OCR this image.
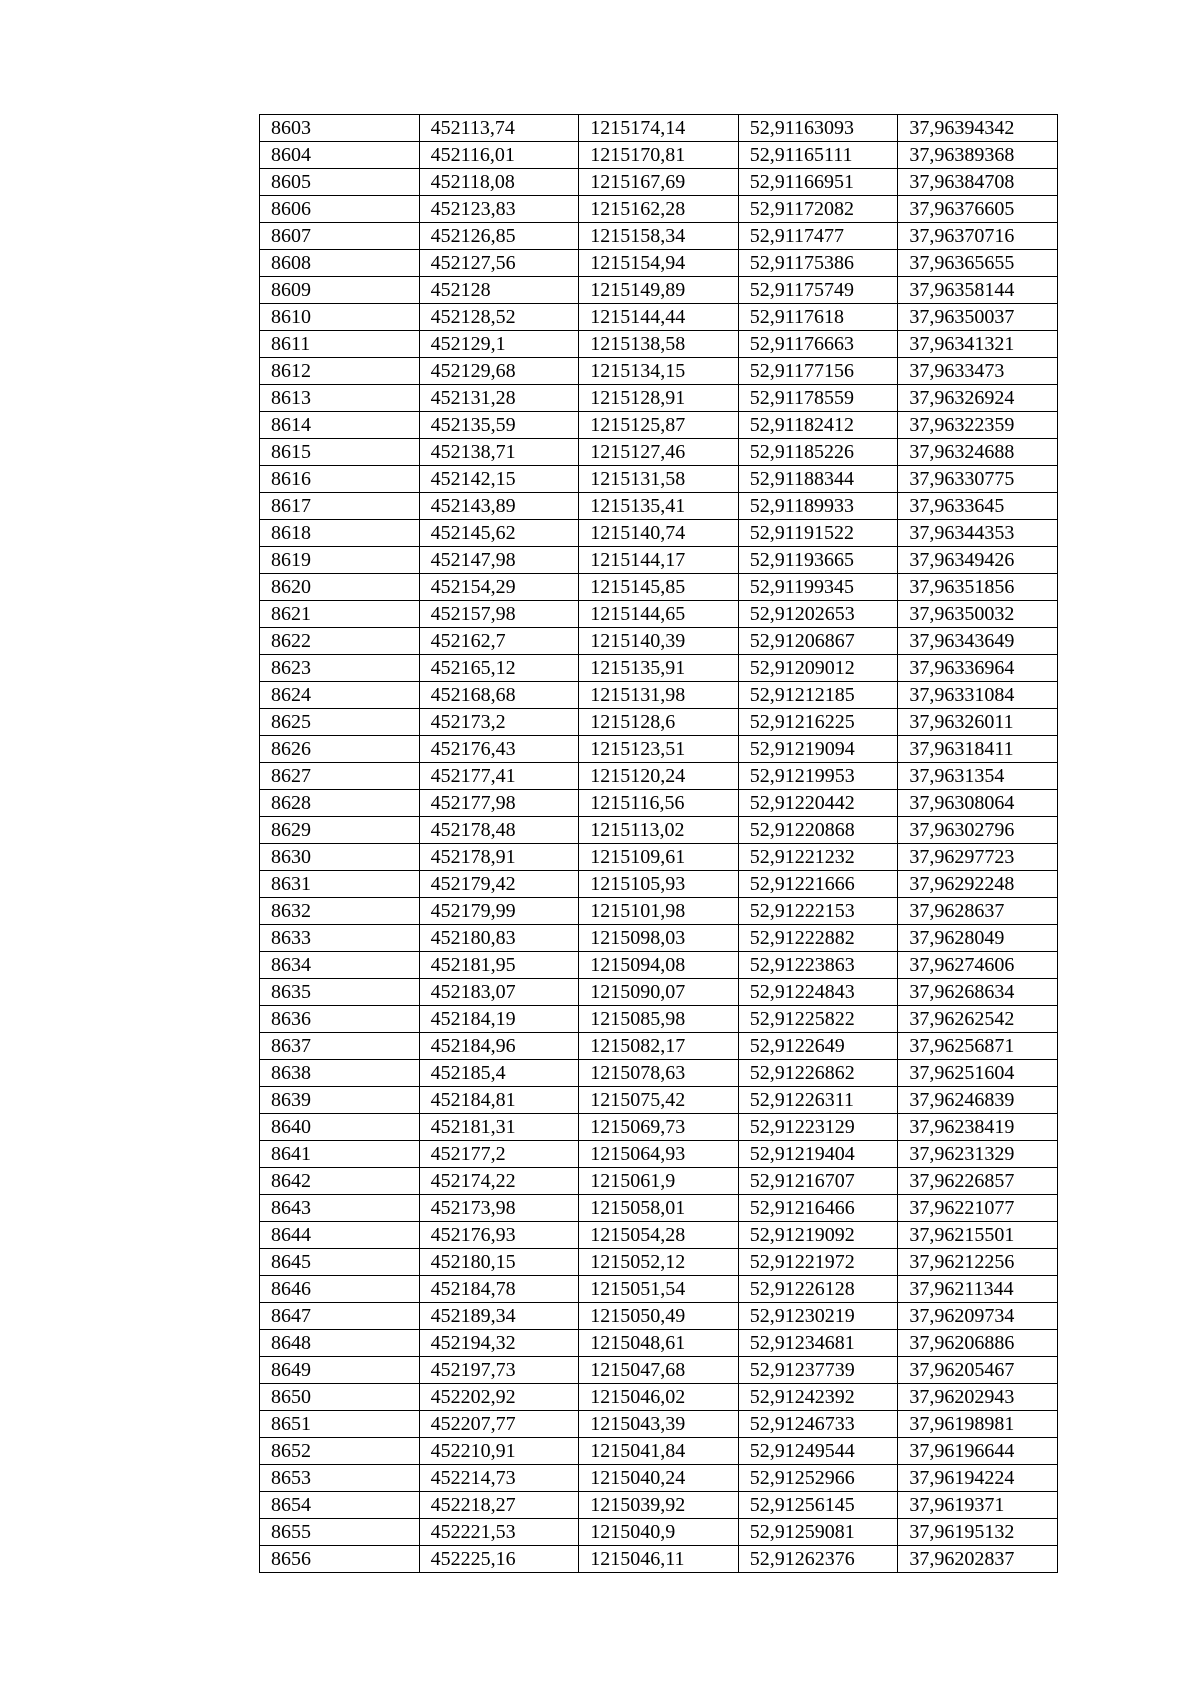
8603	452113,74	1215174,14	52,91163093	37,96394342
8604	452116,01	1215170,81	52,91165111	37,96389368
8605	452118,08	1215167,69	52,91166951	37,96384708
8606	452123,83	1215162,28	52,91172082	37,96376605
8607	452126,85	1215158,34	52,9117477	37,96370716
8608	452127,56	1215154,94	52,91175386	37,96365655
8609	452128	1215149,89	52,91175749	37,96358144
8610	452128,52	1215144,44	52,9117618	37,96350037
8611	452129,1	1215138,58	52,91176663	37,96341321
8612	452129,68	1215134,15	52,91177156	37,9633473
8613	452131,28	1215128,91	52,91178559	37,96326924
8614	452135,59	1215125,87	52,91182412	37,96322359
8615	452138,71	1215127,46	52,91185226	37,96324688
8616	452142,15	1215131,58	52,91188344	37,96330775
8617	452143,89	1215135,41	52,91189933	37,9633645
8618	452145,62	1215140,74	52,91191522	37,96344353
8619	452147,98	1215144,17	52,91193665	37,96349426
8620	452154,29	1215145,85	52,91199345	37,96351856
8621	452157,98	1215144,65	52,91202653	37,96350032
8622	452162,7	1215140,39	52,91206867	37,96343649
8623	452165,12	1215135,91	52,91209012	37,96336964
8624	452168,68	1215131,98	52,91212185	37,96331084
8625	452173,2	1215128,6	52,91216225	37,96326011
8626	452176,43	1215123,51	52,91219094	37,96318411
8627	452177,41	1215120,24	52,91219953	37,9631354
8628	452177,98	1215116,56	52,91220442	37,96308064
8629	452178,48	1215113,02	52,91220868	37,96302796
8630	452178,91	1215109,61	52,91221232	37,96297723
8631	452179,42	1215105,93	52,91221666	37,96292248
8632	452179,99	1215101,98	52,91222153	37,9628637
8633	452180,83	1215098,03	52,91222882	37,9628049
8634	452181,95	1215094,08	52,91223863	37,96274606
8635	452183,07	1215090,07	52,91224843	37,96268634
8636	452184,19	1215085,98	52,91225822	37,96262542
8637	452184,96	1215082,17	52,9122649	37,96256871
8638	452185,4	1215078,63	52,91226862	37,96251604
8639	452184,81	1215075,42	52,91226311	37,96246839
8640	452181,31	1215069,73	52,91223129	37,96238419
8641	452177,2	1215064,93	52,91219404	37,96231329
8642	452174,22	1215061,9	52,91216707	37,96226857
8643	452173,98	1215058,01	52,91216466	37,96221077
8644	452176,93	1215054,28	52,91219092	37,96215501
8645	452180,15	1215052,12	52,91221972	37,96212256
8646	452184,78	1215051,54	52,91226128	37,96211344
8647	452189,34	1215050,49	52,91230219	37,96209734
8648	452194,32	1215048,61	52,91234681	37,96206886
8649	452197,73	1215047,68	52,91237739	37,96205467
8650	452202,92	1215046,02	52,91242392	37,96202943
8651	452207,77	1215043,39	52,91246733	37,96198981
8652	452210,91	1215041,84	52,91249544	37,96196644
8653	452214,73	1215040,24	52,91252966	37,96194224
8654	452218,27	1215039,92	52,91256145	37,9619371
8655	452221,53	1215040,9	52,91259081	37,96195132
8656	452225,16	1215046,11	52,91262376	37,96202837
